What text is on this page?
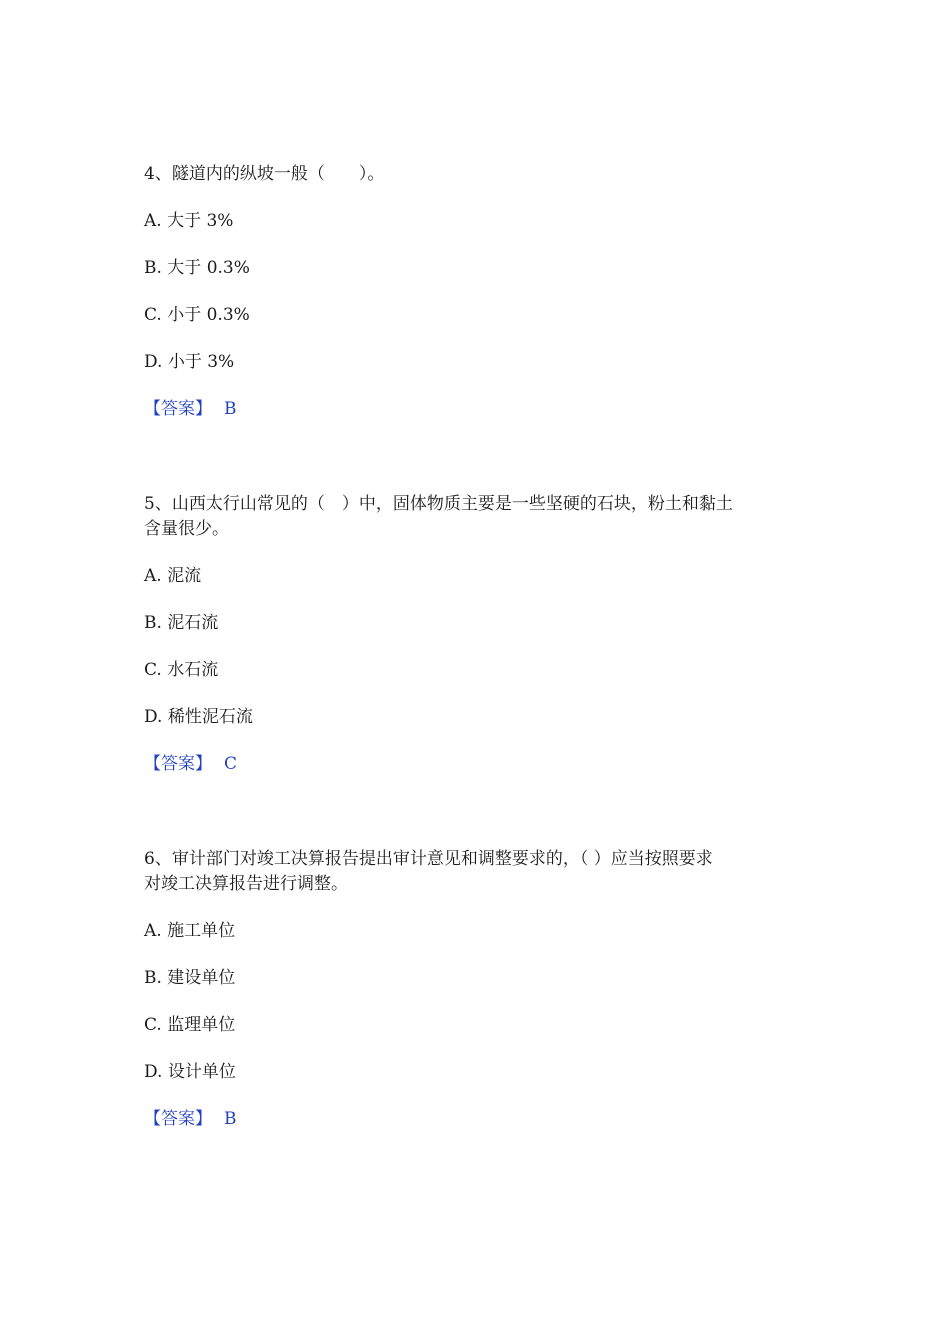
4、隧道内的纵坡一般（　　）。
A. 大于 3%
B. 大于 0.3%
C. 小于 0.3%
D. 小于 3%
【答案】 B
5、山西太行山常见的（　）中，固体物质主要是一些坚硬的石块，粉土和黏土
含量很少。
A. 泥流
B. 泥石流
C. 水石流
D. 稀性泥石流
【答案】 C
6、审计部门对竣工决算报告提出审计意见和调整要求的，（ ）应当按照要求
对竣工决算报告进行调整。
A. 施工单位
B. 建设单位
C. 监理单位
D. 设计单位
【答案】 B
